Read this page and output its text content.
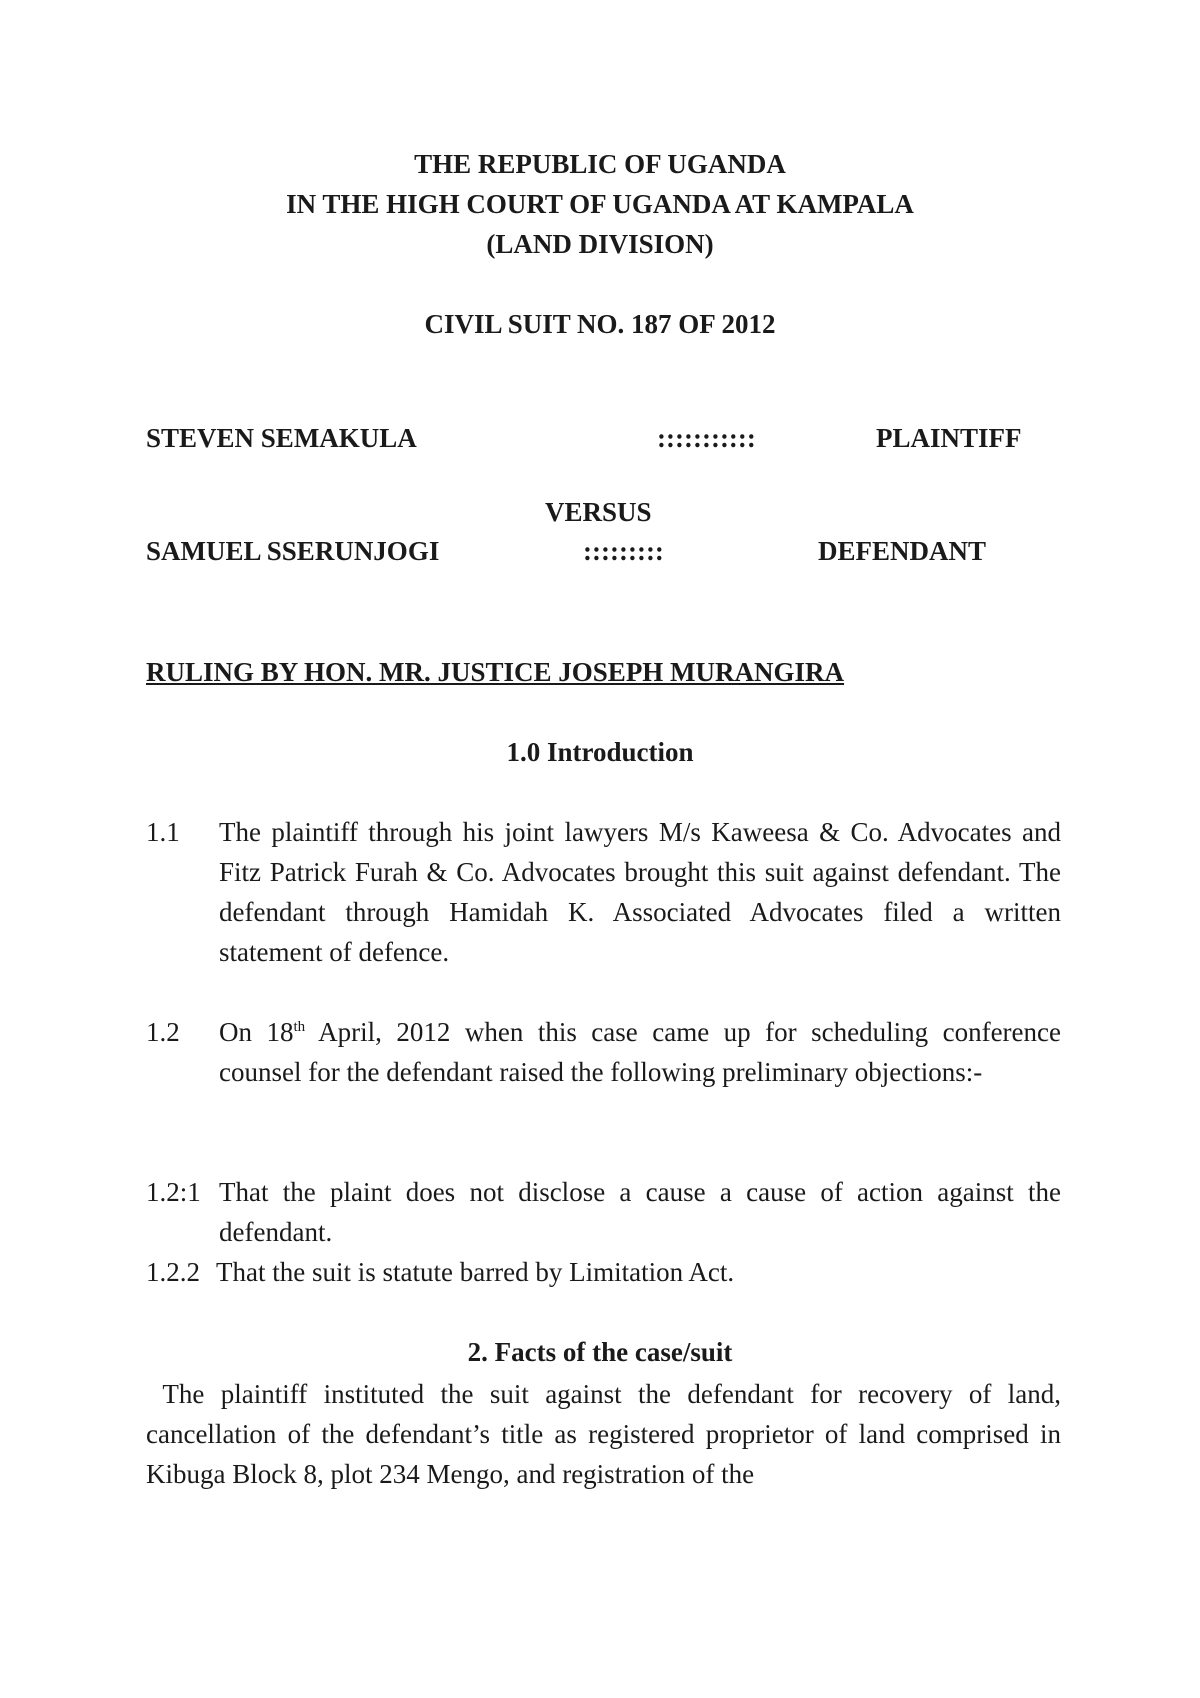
THE REPUBLIC OF UGANDA

IN THE HIGH COURT OF UGANDA AT KAMPALA

(LAND DIVISION)

CIVIL SUIT NO. 187 OF 2012

STEVEN SEMAKULA	:::::::::::	PLAINTIFF

VERSUS

SAMUEL SSERUNJOGI	:::::::::	DEFENDANT

RULING BY HON. MR. JUSTICE JOSEPH MURANGIRA

1.0 Introduction

1.1 The plaintiff through his joint lawyers M/s Kaweesa & Co. Advocates and Fitz Patrick Furah & Co. Advocates brought this suit against defendant. The defendant through Hamidah K. Associated Advocates filed a written statement of defence.

1.2 On 18th April, 2012 when this case came up for scheduling conference counsel for the defendant raised the following preliminary objections:-

1.2:1 That the plaint does not disclose a cause a cause of action against the defendant.

1.2.2 That the suit is statute barred by Limitation Act.

2. Facts of the case/suit

The plaintiff instituted the suit against the defendant for recovery of land, cancellation of the defendant’s title as registered proprietor of land comprised in Kibuga Block 8, plot 234 Mengo, and registration of the
